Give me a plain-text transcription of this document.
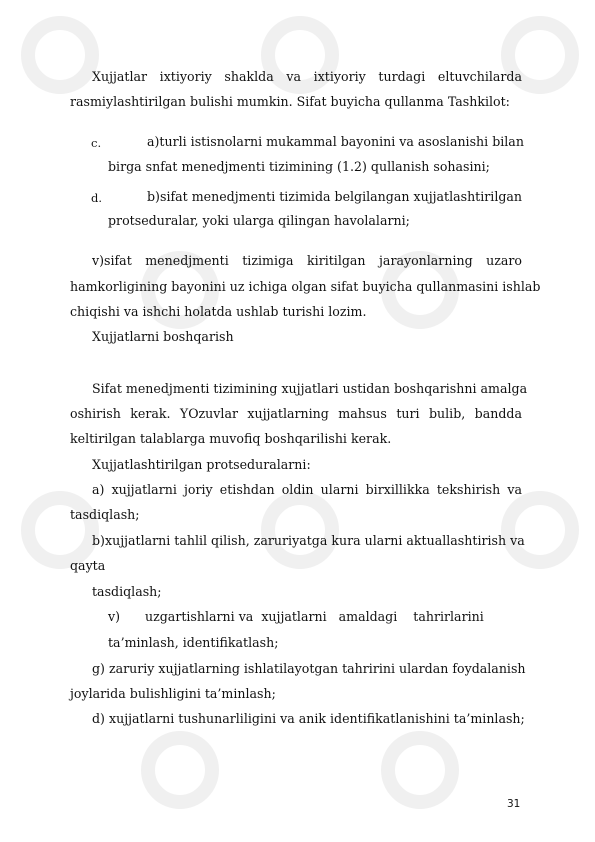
Xujjatlar ixtiyoriy shaklda va ixtiyoriy turdagi eltuvchilarda
rasmiylashtirilgan bulishi mumkin. Sifat buyicha qullanma Tashkilot:
c.	a)turli istisnolarni mukammal bayonini va asoslanishi bilan
birga snfat menedjmenti tizimining (1.2) qullanish sohasini;
d.	b)sifat menedjmenti tizimida belgilangan xujjatlashtirilgan
protseduralar, yoki ularga qilingan havolalarni;
v)sifat menedjmenti tizimiga kiritilgan jarayonlarning uzaro
hamkorligining bayonini uz ichiga olgan sifat buyicha qullanmasini ishlab
chiqishi va ishchi holatda ushlab turishi lozim.
Xujjatlarni boshqarish
Sifat menedjmenti tizimining xujjatlari ustidan boshqarishni amalga
oshirish kerak. YOzuvlar xujjatlarning mahsus turi bulib, bandda
keltirilgan talablarga muvofiq boshqarilishi kerak.
Xujjatlashtirilgan protseduralarni:
a) xujjatlarni joriy etishdan oldin ularni birxillikka tekshirish va
tasdiqlash;
b)xujjatlarni tahlil qilish, zaruriyatga kura ularni aktuallashtirish va
qayta
tasdiqlash;
v) uzgartishlarni va  xujjatlarni   amaldagi    tahrirlarini
ta’minlash, identifikatlash;
g) zaruriy xujjatlarning ishlatilayotgan tahririni ulardan foydalanish
joylarida bulishligini ta’minlash;
d) xujjatlarni tushunarliligini va anik identifikatlanishini ta’minlash;
31
